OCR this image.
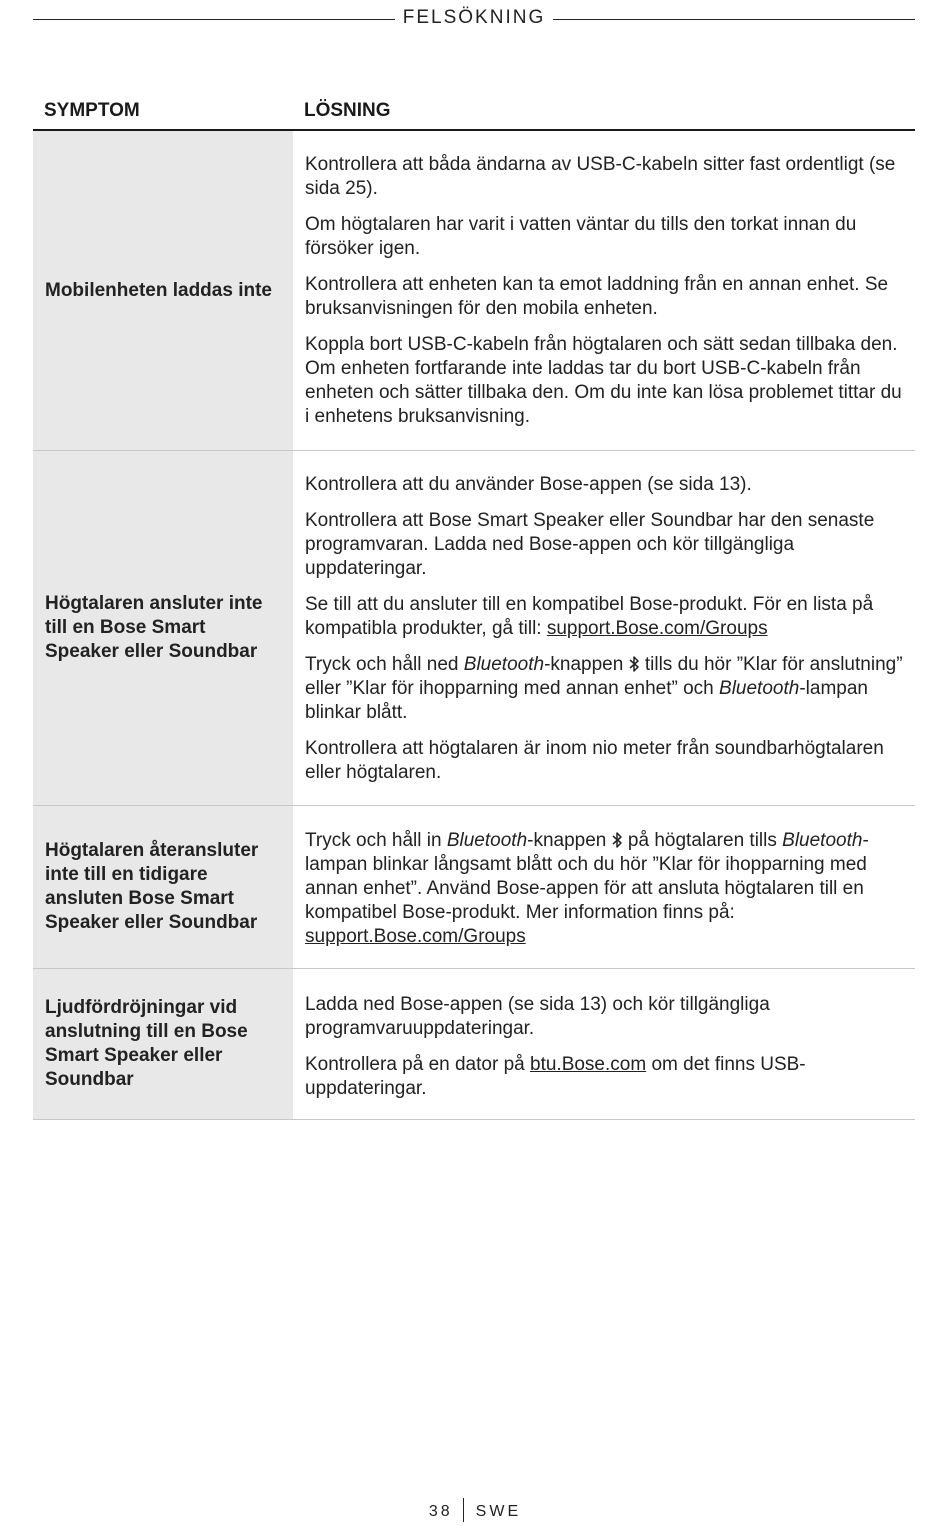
FELSÖKNING
SYMPTOM	LÖSNING
Mobilenheten laddas inte

Kontrollera att båda ändarna av USB-C-kabeln sitter fast ordentligt (se sida 25).

Om högtalaren har varit i vatten väntar du tills den torkat innan du försöker igen.

Kontrollera att enheten kan ta emot laddning från en annan enhet. Se bruksanvisningen för den mobila enheten.

Koppla bort USB-C-kabeln från högtalaren och sätt sedan tillbaka den. Om enheten fortfarande inte laddas tar du bort USB-C-kabeln från enheten och sätter tillbaka den. Om du inte kan lösa problemet tittar du i enhetens bruksanvisning.

Högtalaren ansluter inte till en Bose Smart Speaker eller Soundbar

Kontrollera att du använder Bose-appen (se sida 13).

Kontrollera att Bose Smart Speaker eller Soundbar har den senaste programvaran. Ladda ned Bose-appen och kör tillgängliga uppdateringar.

Se till att du ansluter till en kompatibel Bose-produkt. För en lista på kompatibla produkter, gå till: support.Bose.com/Groups

Tryck och håll ned Bluetooth-knappen  tills du hör ”Klar för anslutning” eller ”Klar för ihopparning med annan enhet” och Bluetooth-lampan blinkar blått.

Kontrollera att högtalaren är inom nio meter från soundbarhögtalaren eller högtalaren.

Högtalaren återansluter inte till en tidigare ansluten Bose Smart Speaker eller Soundbar

Tryck och håll in Bluetooth-knappen  på högtalaren tills Bluetooth-lampan blinkar långsamt blått och du hör ”Klar för ihopparning med annan enhet”. Använd Bose-appen för att ansluta högtalaren till en kompatibel Bose-produkt. Mer information finns på: support.Bose.com/Groups

Ljudfördröjningar vid anslutning till en Bose Smart Speaker eller Soundbar

Ladda ned Bose-appen (se sida 13) och kör tillgängliga programvaruuppdateringar.

Kontrollera på en dator på btu.Bose.com om det finns USB-uppdateringar.

38 SWE
